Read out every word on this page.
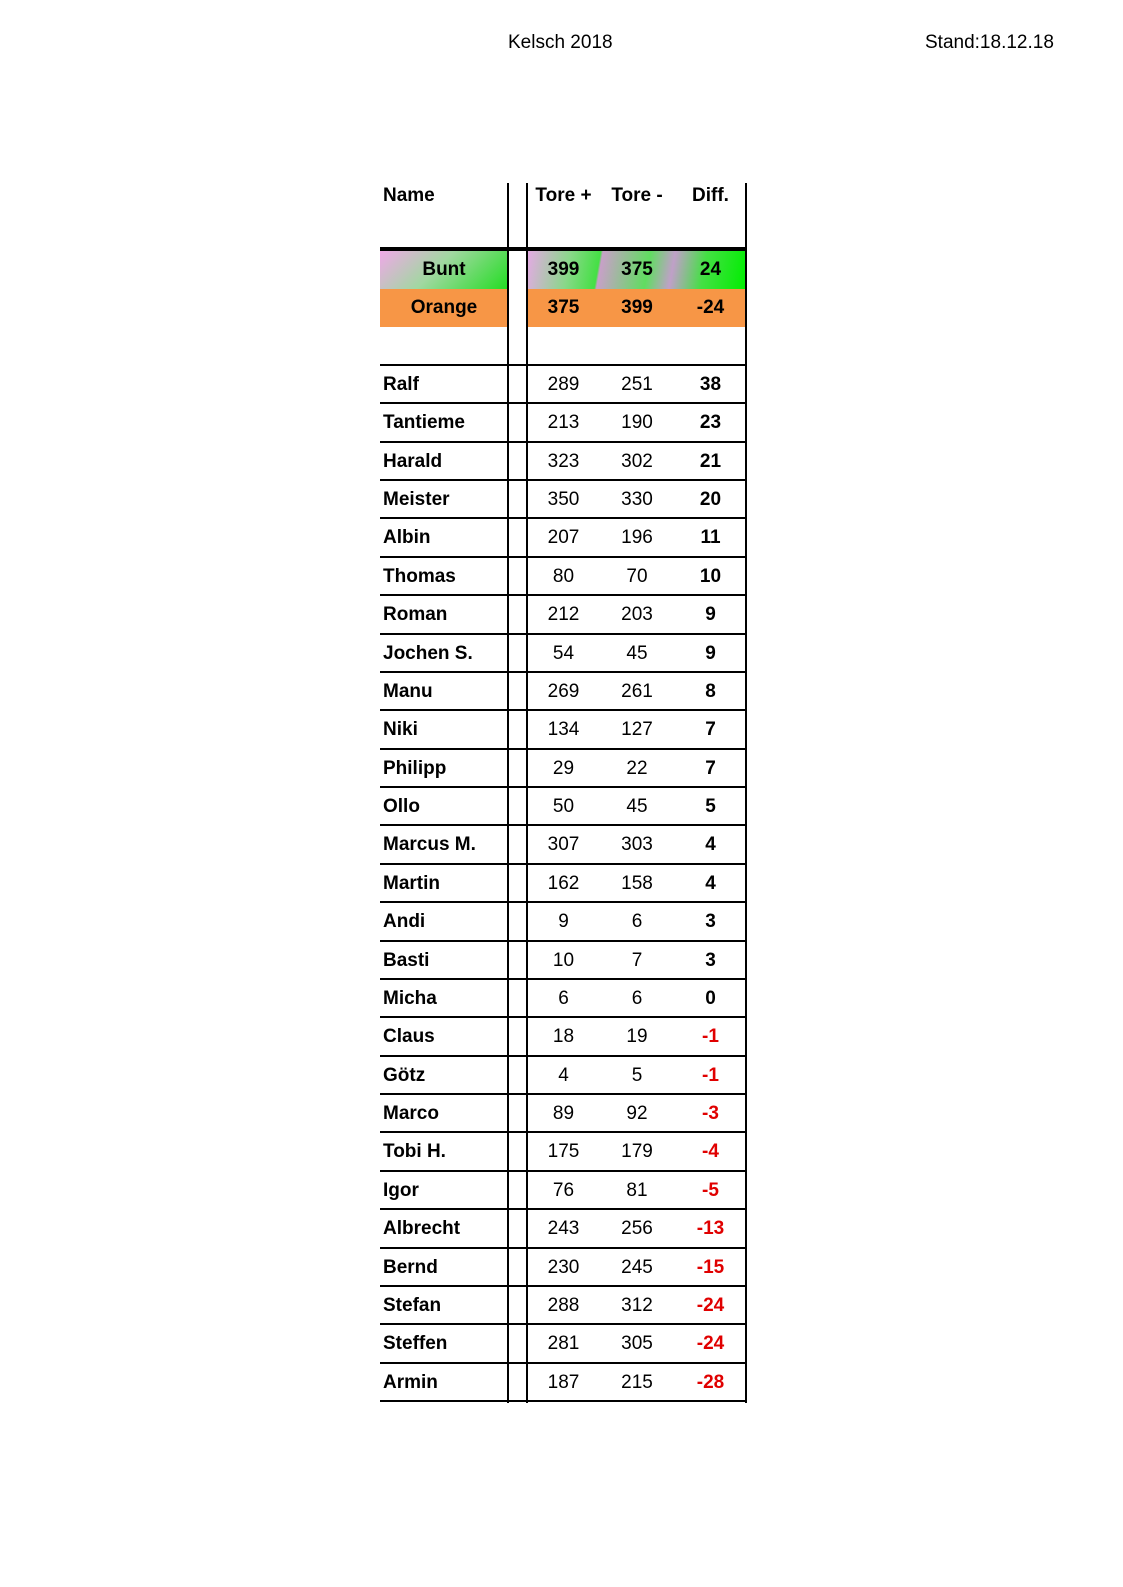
Kelsch 2018	Stand:18.12.18
Name	Tore +	Tore -	Diff.
Bunt	399	375	24
Orange	375	399	-24
Ralf	289	251	38
Tantieme	213	190	23
Harald	323	302	21
Meister	350	330	20
Albin	207	196	11
Thomas	80	70	10
Roman	212	203	9
Jochen S.	54	45	9
Manu	269	261	8
Niki	134	127	7
Philipp	29	22	7
Ollo	50	45	5
Marcus M.	307	303	4
Martin	162	158	4
Andi	9	6	3
Basti	10	7	3
Micha	6	6	0
Claus	18	19	-1
Götz	4	5	-1
Marco	89	92	-3
Tobi H.	175	179	-4
Igor	76	81	-5
Albrecht	243	256	-13
Bernd	230	245	-15
Stefan	288	312	-24
Steffen	281	305	-24
Armin	187	215	-28
